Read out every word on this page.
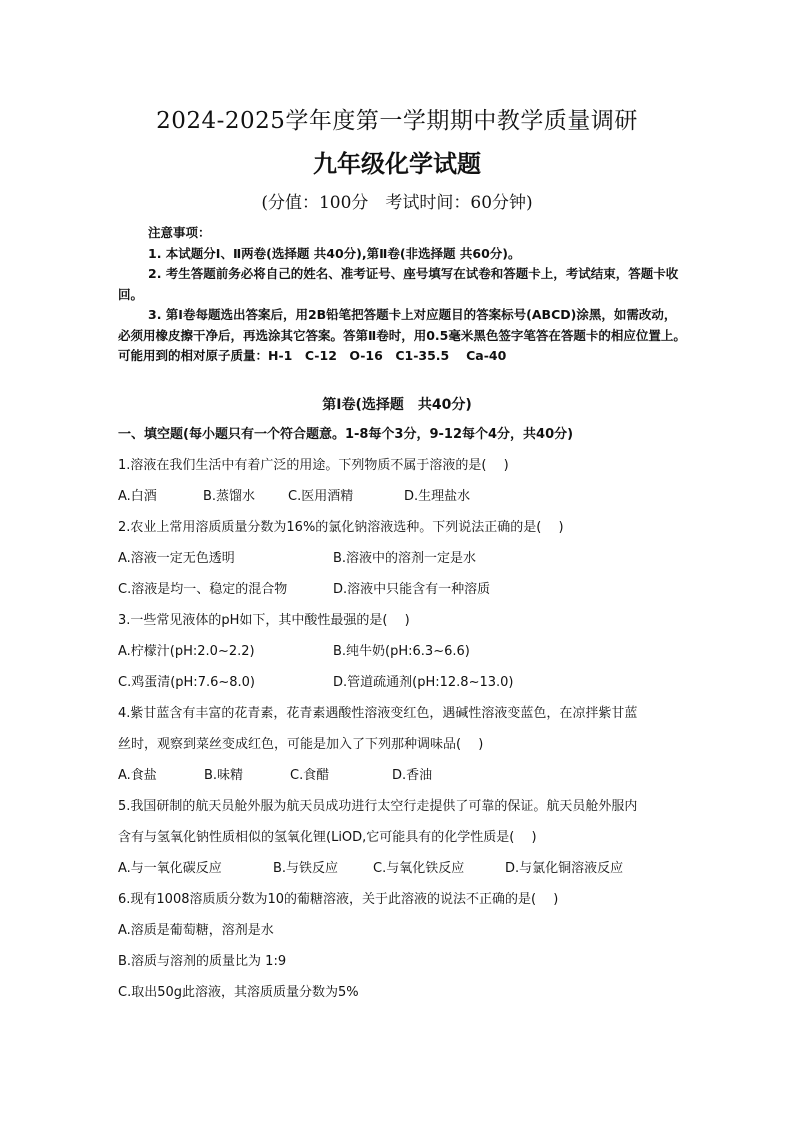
2024-2025学年度第一学期期中教学质量调研
九年级化学试题
(分值：100分　考试时间：60分钟)

注意事项：

1. 本试题分Ⅰ、Ⅱ两卷(选择题 共40分),第Ⅱ卷(非选择题 共60分)。

2. 考生答题前务必将自己的姓名、准考证号、座号填写在试卷和答题卡上，考试结束，答题卡收回。

3. 第Ⅰ卷每题选出答案后，用2B铅笔把答题卡上对应题目的答案标号(ABCD)涂黑，如需改动，必须用橡皮擦干净后，再选涂其它答案。答第Ⅱ卷时，用0.5毫米黑色签字笔答在答题卡的相应位置上。

可能用到的相对原子质量：H-1　C-12　O-16　C1-35.5　 Ca-40

第Ⅰ卷(选择题　共40分)
一、填空题(每小题只有一个符合题意。1-8每个3分，9-12每个4分，共40分)
1.溶液在我们生活中有着广泛的用途。下列物质不属于溶液的是(　 )
A.白酒	B.蒸馏水	C.医用酒精	D.生理盐水
2.农业上常用溶质质量分数为16%的氯化钠溶液选种。下列说法正确的是(　 )
A.溶液一定无色透明	B.溶液中的溶剂一定是水
C.溶液是均一、稳定的混合物	D.溶液中只能含有一种溶质
3.一些常见液体的pH如下，其中酸性最强的是(　 )
A.柠檬汁(pH:2.0~2.2)	B.纯牛奶(pH:6.3~6.6)
C.鸡蛋清(pH:7.6~8.0)	D.管道疏通剂(pH:12.8~13.0)
4.紫甘蓝含有丰富的花青素，花青素遇酸性溶液变红色，遇碱性溶液变蓝色，在凉拌紫甘蓝
丝时，观察到菜丝变成红色，可能是加入了下列那种调味品(　 )
A.食盐	B.味精	C.食醋	D.香油
5.我国研制的航天员舱外服为航天员成功进行太空行走提供了可靠的保证。航天员舱外服内
含有与氢氧化钠性质相似的氢氧化锂(LiOD,它可能具有的化学性质是(　 )
A.与一氧化碳反应	B.与铁反应	C.与氧化铁反应	D.与氯化铜溶液反应
6.现有1008溶质质分数为10的葡糖溶液，关于此溶液的说法不正确的是(　 )
A.溶质是葡萄糖，溶剂是水
B.溶质与溶剂的质量比为 1:9
C.取出50g此溶液，其溶质质量分数为5%
